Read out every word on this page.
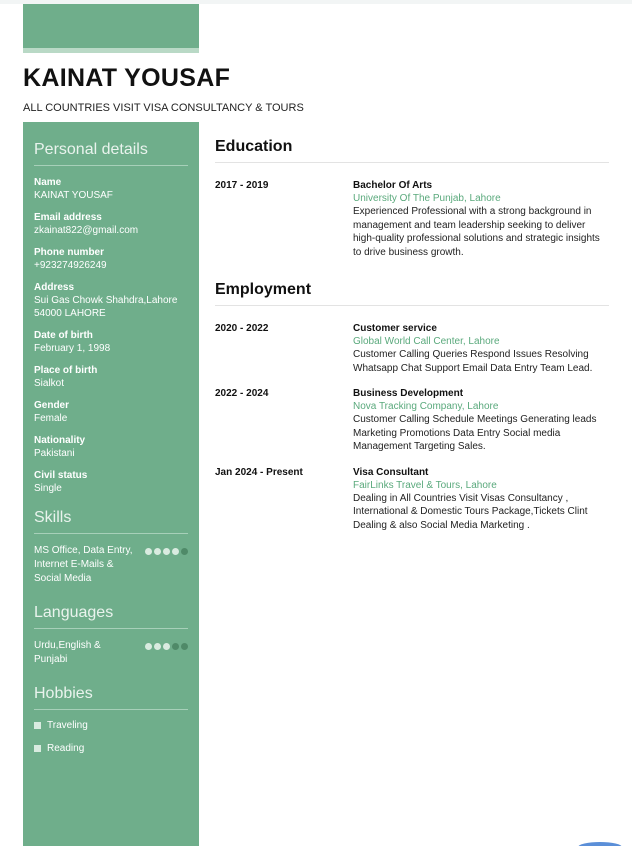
KAINAT YOUSAF
ALL COUNTRIES VISIT VISA CONSULTANCY & TOURS
Personal details
Name
KAINAT YOUSAF
Email address
zkainat822@gmail.com
Phone number
+923274926249
Address
Sui Gas Chowk Shahdra,Lahore 54000 LAHORE
Date of birth
February 1, 1998
Place of birth
Sialkot
Gender
Female
Nationality
Pakistani
Civil status
Single
Skills
MS Office, Data Entry, Internet E-Mails & Social Media
Languages
Urdu,English & Punjabi
Hobbies
Traveling
Reading
Education
2017 - 2019	Bachelor Of Arts
University Of The Punjab, Lahore
Experienced Professional with a strong background in management and team leadership seeking to deliver high-quality professional solutions and strategic insights to drive business growth.
Employment
2020 - 2022	Customer service
Global World Call Center, Lahore
Customer Calling Queries Respond Issues Resolving Whatsapp Chat Support Email Data Entry Team Lead.
2022 - 2024	Business Development
Nova Tracking Company, Lahore
Customer Calling Schedule Meetings Generating leads Marketing Promotions Data Entry Social media Management Targeting Sales.
Jan 2024 - Present	Visa Consultant
FairLinks Travel & Tours, Lahore
Dealing in All Countries Visit Visas Consultancy , International & Domestic Tours Package,Tickets Clint Dealing & also Social Media Marketing .
